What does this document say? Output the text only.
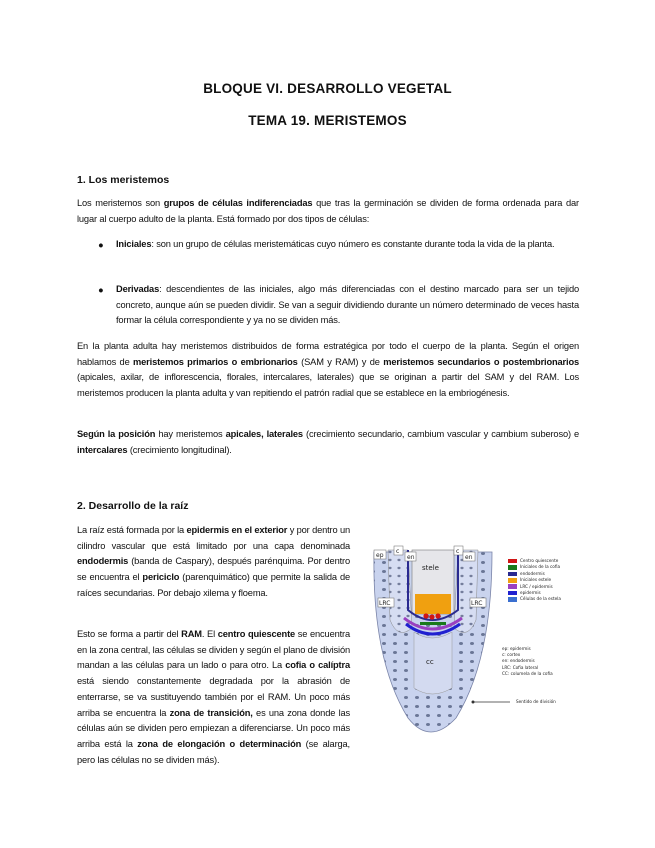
BLOQUE VI. DESARROLLO VEGETAL
TEMA 19. MERISTEMOS
1. Los meristemos
Los meristemos son grupos de células indiferenciadas que tras la germinación se dividen de forma ordenada para dar lugar al cuerpo adulto de la planta. Está formado por dos tipos de células:
● Iniciales: son un grupo de células meristemáticas cuyo número es constante durante toda la vida de la planta.
● Derivadas: descendientes de las iniciales, algo más diferenciadas con el destino marcado para ser un tejido concreto, aunque aún se pueden dividir. Se van a seguir dividiendo durante un número determinado de veces hasta formar la célula correspondiente y ya no se dividen más.
En la planta adulta hay meristemos distribuidos de forma estratégica por todo el cuerpo de la planta. Según el origen hablamos de meristemos primarios o embrionarios (SAM y RAM) y de meristemos secundarios o postembrionarios (apicales, axilar, de inflorescencia, florales, intercalares, laterales) que se originan a partir del SAM y del RAM. Los meristemos producen la planta adulta y van repitiendo el patrón radial que se establece en la embriogénesis.
Según la posición hay meristemos apicales, laterales (crecimiento secundario, cambium vascular y cambium suberoso) e intercalares (crecimiento longitudinal).
2. Desarrollo de la raíz
La raíz está formada por la epidermis en el exterior y por dentro un cilindro vascular que está limitado por una capa denominada endodermis (banda de Caspary), después parénquima. Por dentro se encuentra el periciclo (parenquimático) que permite la salida de raíces secundarias. Por debajo xilema y floema.
Esto se forma a partir del RAM. El centro quiescente se encuentra en la zona central, las células se dividen y según el plano de división mandan a las células para un lado o para otro. La cofia o calíptra está siendo constantemente degradada por la abrasión de enterrarse, se va sustituyendo también por el RAM. Un poco más arriba se encuentra la zona de transición, es una zona donde las células aún se dividen pero empiezan a diferenciarse. Un poco más arriba está la zona de elongación o determinación (se alarga, pero las células no se dividen más).
ep
c
en
stele
c
en
LRC	LRC
cc
Centro quiescente
Iniciales de la cofia
endodermis
Iniciales estele
LRC / epidermis
epidermis
Células de la estela
ep: epidermis
c: cortex
en: endodermis
LRC: Cofia lateral
CC: columela de la cofia
Sentido de división
